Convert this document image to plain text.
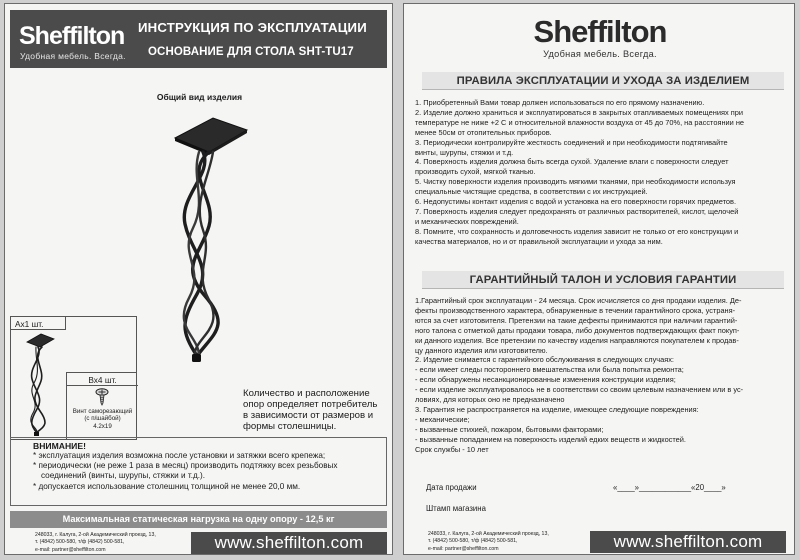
Sheffilton
Удобная мебель. Всегда.
ИНСТРУКЦИЯ ПО ЭКСПЛУАТАЦИИ
ОСНОВАНИЕ ДЛЯ СТОЛА SHT-TU17
Общий вид изделия
Ах1 шт.
Вх4 шт.
Винт саморезающий
(с п/шайбой)
4.2х19
Количество и расположение
опор определяет потребитель
в зависимости от размеров и
формы столешницы.
ВНИМАНИЕ!
* эксплуатация изделия возможна после установки и затяжки всего крепежа;
* периодически (не реже 1 раза в месяц) производить подтяжку всех резьбовых
соединений (винты, шурупы, стяжки и т.д.).
* допускается использование столешниц толщиной не менее 20,0 мм.
Максимальная статическая нагрузка на одну опору - 12,5 кг
248033, г. Калуга, 2-ой Академический проезд, 13,
т. (4842) 500-580, т/ф (4842) 500-581,
e-mail: partner@sheffilton.com	www.sheffilton.com
Sheffilton
Удобная мебель. Всегда.
ПРАВИЛА ЭКСПЛУАТАЦИИ И УХОДА ЗА ИЗДЕЛИЕМ
1. Приобретенный Вами товар должен использоваться по его прямому назначению.
2. Изделие должно храниться и эксплуатироваться в закрытых отапливаемых помещениях при
температуре не ниже +2 С и относительной влажности воздуха от 45 до 70%, на расстоянии не
менее 50см от отопительных приборов.
3. Периодически контролируйте жесткость соединений и при необходимости подтягивайте
винты, шурупы, стяжки и т.д.
4. Поверхность изделия должна быть всегда сухой. Удаление влаги с поверхности следует
производить сухой, мягкой тканью.
5. Чистку поверхности изделия производить мягкими тканями, при необходимости используя
специальные чистящие средства, в соответствии с их инструкцией.
6. Недопустимы контакт изделия с водой и установка на его поверхности горячих предметов.
7. Поверхность изделия следует предохранять от различных растворителей, кислот, щелочей
и механических повреждений.
8. Помните, что сохранность и долговечность изделия зависит не только от его конструкции и
качества материалов, но и от правильной эксплуатации и ухода за ним.
ГАРАНТИЙНЫЙ ТАЛОН И УСЛОВИЯ ГАРАНТИИ
1.Гарантийный срок эксплуатации - 24 месяца. Срок исчисляется со дня продажи изделия. Де-
фекты производственного характера, обнаруженные в течении гарантийного срока, устраня-
ются за счет изготовителя. Претензии на такие дефекты принимаются при наличии гарантий-
ного талона с отметкой даты продажи товара, либо документов подтверждающих факт покуп-
ки данного изделия. Все претензии по качеству изделия направляются покупателем к продав-
цу данного изделия или изготовителю.
2. Изделие снимается с гарантийного обслуживания в следующих случаях:
- если имеет следы постороннего вмешательства или была попытка ремонта;
- если обнаружены несанкционированные изменения конструкции изделия;
- если изделие эксплуатировалось не в соответствии со своим целевым назначением или в ус-
ловиях, для которых оно не предназначено
3. Гарантия не распространяется на изделие, имеющее следующие повреждения:
- механические;
- вызванные стихией, пожаром, бытовыми факторами;
- вызванные попаданием на поверхность изделий едких веществ и жидкостей.
Срок службы - 10 лет
Дата продажи	«____»____________«20____»
Штамп магазина
248033, г. Калуга, 2-ой Академический проезд, 13,
т. (4842) 500-580, т/ф (4842) 500-581,
e-mail: partner@sheffilton.com	www.sheffilton.com
